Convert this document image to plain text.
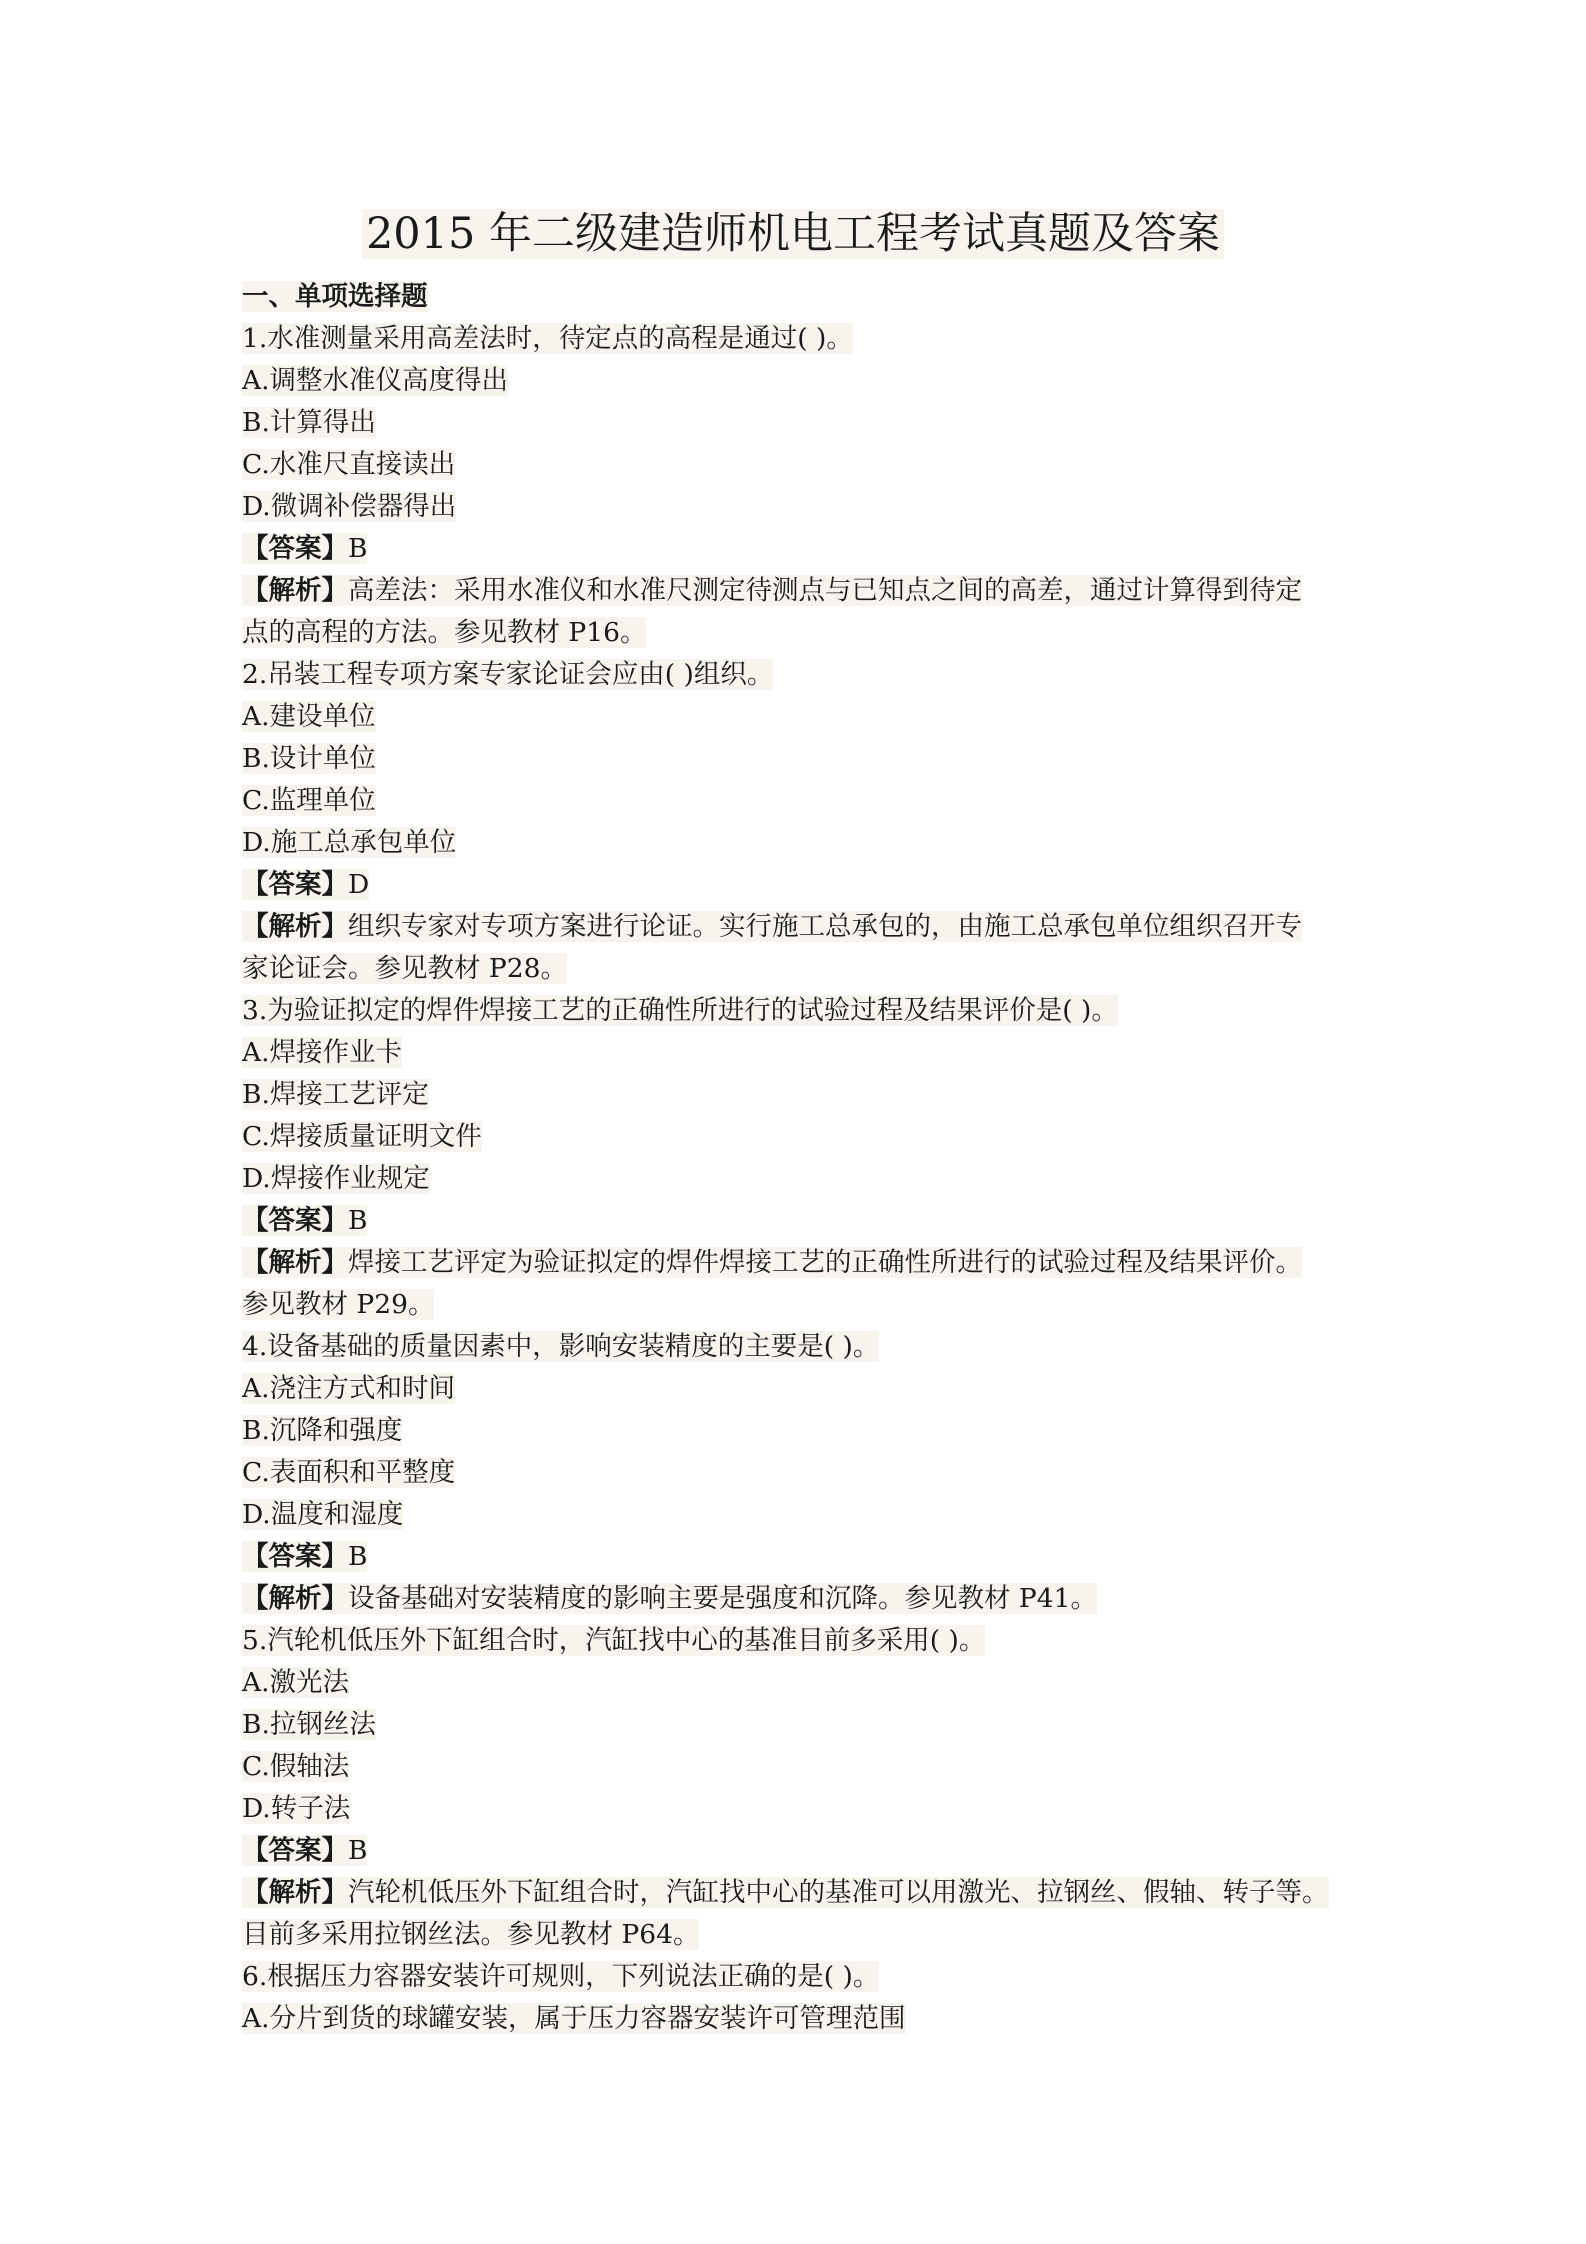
2015 年二级建造师机电工程考试真题及答案

一、单项选择题

1.水准测量采用高差法时，待定点的高程是通过( )。

A.调整水准仪高度得出

B.计算得出

C.水准尺直接读出

D.微调补偿器得出

【答案】B

【解析】高差法：采用水准仪和水准尺测定待测点与已知点之间的高差，通过计算得到待定

点的高程的方法。参见教材 P16。

2.吊装工程专项方案专家论证会应由( )组织。

A.建设单位

B.设计单位

C.监理单位

D.施工总承包单位

【答案】D

【解析】组织专家对专项方案进行论证。实行施工总承包的，由施工总承包单位组织召开专

家论证会。参见教材 P28。

3.为验证拟定的焊件焊接工艺的正确性所进行的试验过程及结果评价是( )。

A.焊接作业卡

B.焊接工艺评定

C.焊接质量证明文件

D.焊接作业规定

【答案】B

【解析】焊接工艺评定为验证拟定的焊件焊接工艺的正确性所进行的试验过程及结果评价。

参见教材 P29。

4.设备基础的质量因素中，影响安装精度的主要是( )。

A.浇注方式和时间

B.沉降和强度

C.表面积和平整度

D.温度和湿度

【答案】B

【解析】设备基础对安装精度的影响主要是强度和沉降。参见教材 P41。

5.汽轮机低压外下缸组合时，汽缸找中心的基准目前多采用( )。

A.激光法

B.拉钢丝法

C.假轴法

D.转子法

【答案】B

【解析】汽轮机低压外下缸组合时，汽缸找中心的基准可以用激光、拉钢丝、假轴、转子等。

目前多采用拉钢丝法。参见教材 P64。

6.根据压力容器安装许可规则，下列说法正确的是( )。

A.分片到货的球罐安装，属于压力容器安装许可管理范围
